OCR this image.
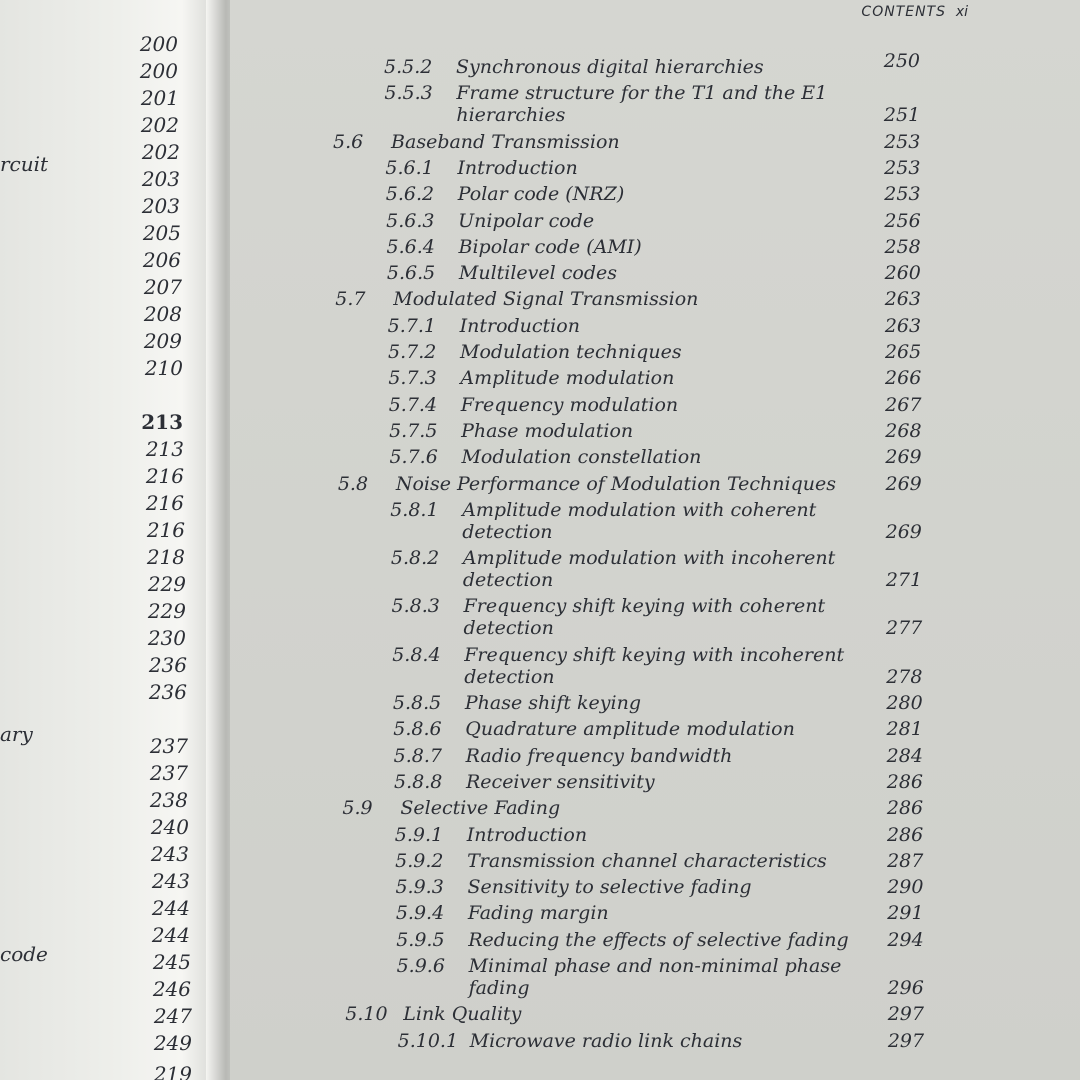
rcuit
ary
code
200
200
201
202
202
203
203
205
206
207
208
209
210
213
213
216
216
216
218
229
229
230
236
236
237
237
238
240
243
243
244
244
245
246
247
249
219
CONTENTS xi
5.5.2 Synchronous digital hierarchies	250
5.5.3 Frame structure for the T1 and the E1
hierarchies	251
5.6 Baseband Transmission	253
5.6.1 Introduction	253
5.6.2 Polar code (NRZ)	253
5.6.3 Unipolar code	256
5.6.4 Bipolar code (AMI)	258
5.6.5 Multilevel codes	260
5.7 Modulated Signal Transmission	263
5.7.1 Introduction	263
5.7.2 Modulation techniques	265
5.7.3 Amplitude modulation	266
5.7.4 Frequency modulation	267
5.7.5 Phase modulation	268
5.7.6 Modulation constellation	269
5.8 Noise Performance of Modulation Techniques	269
5.8.1 Amplitude modulation with coherent
detection	269
5.8.2 Amplitude modulation with incoherent
detection	271
5.8.3 Frequency shift keying with coherent
detection	277
5.8.4 Frequency shift keying with incoherent
detection	278
5.8.5 Phase shift keying	280
5.8.6 Quadrature amplitude modulation	281
5.8.7 Radio frequency bandwidth	284
5.8.8 Receiver sensitivity	286
5.9 Selective Fading	286
5.9.1 Introduction	286
5.9.2 Transmission channel characteristics	287
5.9.3 Sensitivity to selective fading	290
5.9.4 Fading margin	291
5.9.5 Reducing the effects of selective fading 294
5.9.6 Minimal phase and non-minimal phase
fading	296
5.10 Link Quality	297
5.10.1 Microwave radio link chains	297
